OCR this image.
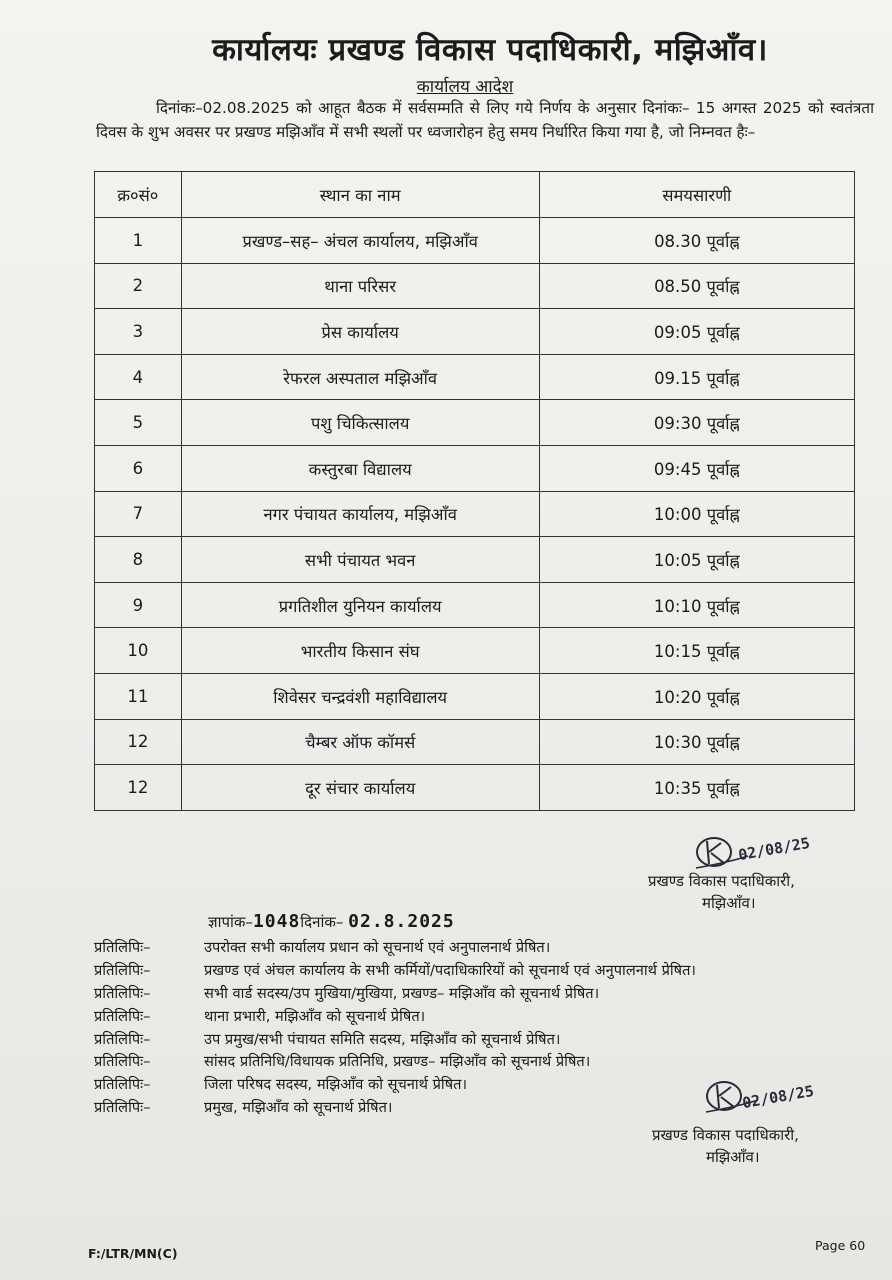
कार्यालयः प्रखण्ड विकास पदाधिकारी, मझिऑंव।
कार्यालय आदेश
दिनांकः–02.08.2025 को आहूत बैठक में सर्वसम्मति से लिए गये निर्णय के अनुसार दिनांकः– 15 अगस्त 2025 को स्वतंत्रता दिवस के शुभ अवसर पर प्रखण्ड मझिऑंव में सभी स्थलों पर ध्वजारोहन हेतु समय निर्धारित किया गया है, जो निम्नवत हैः–
क्र०सं०	स्थान का नाम	समयसारणी
1	प्रखण्ड–सह– अंचल कार्यालय, मझिऑंव	08.30 पूर्वाह्न
2	थाना परिसर	08.50 पूर्वाह्न
3	प्रेस कार्यालय	09:05 पूर्वाह्न
4	रेफरल अस्पताल मझिऑंव	09.15 पूर्वाह्न
5	पशु चिकित्सालय	09:30 पूर्वाह्न
6	कस्तुरबा विद्यालय	09:45 पूर्वाह्न
7	नगर पंचायत कार्यालय, मझिऑंव	10:00 पूर्वाह्न
8	सभी पंचायत भवन	10:05 पूर्वाह्न
9	प्रगतिशील युनियन कार्यालय	10:10 पूर्वाह्न
10	भारतीय किसान संघ	10:15 पूर्वाह्न
11	शिवेसर चन्द्रवंशी महाविद्यालय	10:20 पूर्वाह्न
12	चैम्बर ऑफ कॉमर्स	10:30 पूर्वाह्न
12	दूर संचार कार्यालय	10:35 पूर्वाह्न
02/08/25
प्रखण्ड विकास पदाधिकारी,
मझिऑंव।
ज्ञापांक–1048दिनांक– 02.8.2025
प्रतिलिपिः–	उपरोक्त सभी कार्यालय प्रधान को सूचनार्थ एवं अनुपालनार्थ प्रेषित।
प्रतिलिपिः–	प्रखण्ड एवं अंचल कार्यालय के सभी कर्मियों/पदाधिकारियों को सूचनार्थ एवं अनुपालनार्थ प्रेषित।
प्रतिलिपिः–	सभी वार्ड सदस्य/उप मुखिया/मुखिया, प्रखण्ड– मझिऑंव को सूचनार्थ प्रेषित।
प्रतिलिपिः–	थाना प्रभारी, मझिऑंव को सूचनार्थ प्रेषित।
प्रतिलिपिः–	उप प्रमुख/सभी पंचायत समिति सदस्य, मझिऑंव को सूचनार्थ प्रेषित।
प्रतिलिपिः–	सांसद प्रतिनिधि/विधायक प्रतिनिधि, प्रखण्ड– मझिऑंव को सूचनार्थ प्रेषित।
प्रतिलिपिः–	जिला परिषद सदस्य, मझिऑंव को सूचनार्थ प्रेषित।
प्रतिलिपिः–	प्रमुख, मझिऑंव को सूचनार्थ प्रेषित।	02/08/25
प्रखण्ड विकास पदाधिकारी,
मझिऑंव।
F:/LTR/MN(C)
Page 60
